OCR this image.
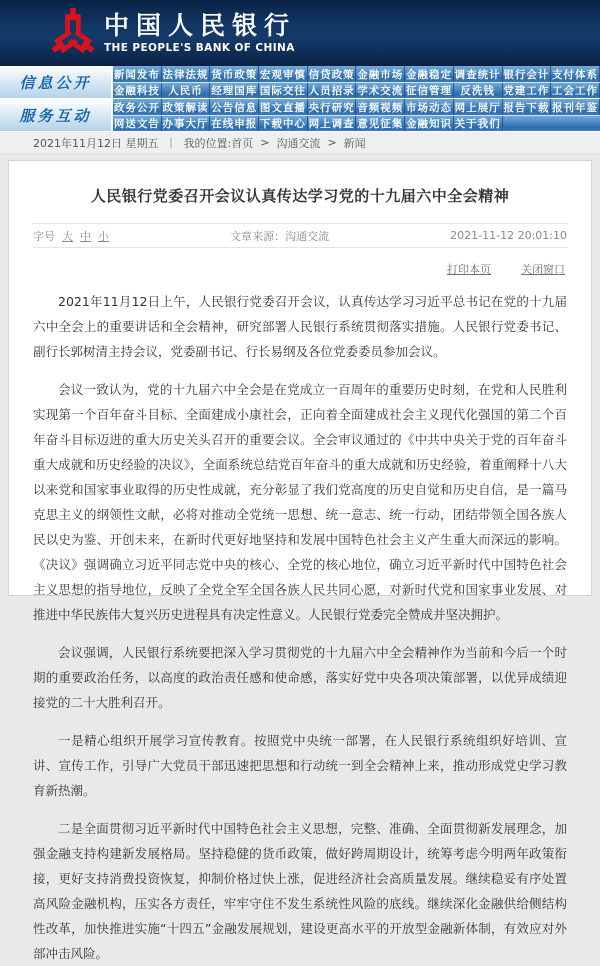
中国人民银行
THE PEOPLE'S BANK OF CHINA
信息公开	新闻发布 法律法规 货币政策 宏观审慎 信贷政策 金融市场 金融稳定 调查统计 银行会计 支付体系
金融科技 人民币 经理国库 国际交往 人员招录 学术交流 征信管理 反洗钱 党建工作 工会工作
服务互动	政务公开 政策解读 公告信息 图文直播 央行研究 音频视频 市场动态 网上展厅 报告下载 报刊年鉴
网送文告 办事大厅 在线申报 下载中心 网上调查 意见征集 金融知识 关于我们
2021年11月12日 星期五 ｜ 我的位置:首页 > 沟通交流 > 新闻
人民银行党委召开会议认真传达学习党的十九届六中全会精神
字号 大 中 小	文章来源：沟通交流	2021-11-12 20:01:10
打印本页	关闭窗口

2021年11月12日上午，人民银行党委召开会议，认真传达学习习近平总书记在党的十九届六中全会上的重要讲话和全会精神，研究部署人民银行系统贯彻落实措施。人民银行党委书记、副行长郭树清主持会议，党委副书记、行长易纲及各位党委委员参加会议。

会议一致认为，党的十九届六中全会是在党成立一百周年的重要历史时刻，在党和人民胜利实现第一个百年奋斗目标、全面建成小康社会，正向着全面建成社会主义现代化强国的第二个百年奋斗目标迈进的重大历史关头召开的重要会议。全会审议通过的《中共中央关于党的百年奋斗重大成就和历史经验的决议》，全面系统总结党百年奋斗的重大成就和历史经验，着重阐释十八大以来党和国家事业取得的历史性成就，充分彰显了我们党高度的历史自觉和历史自信，是一篇马克思主义的纲领性文献，必将对推动全党统一思想、统一意志、统一行动，团结带领全国各族人民以史为鉴、开创未来，在新时代更好地坚持和发展中国特色社会主义产生重大而深远的影响。《决议》强调确立习近平同志党中央的核心、全党的核心地位，确立习近平新时代中国特色社会主义思想的指导地位，反映了全党全军全国各族人民共同心愿，对新时代党和国家事业发展、对推进中华民族伟大复兴历史进程具有决定性意义。人民银行党委完全赞成并坚决拥护。

会议强调，人民银行系统要把深入学习贯彻党的十九届六中全会精神作为当前和今后一个时期的重要政治任务，以高度的政治责任感和使命感，落实好党中央各项决策部署，以优异成绩迎接党的二十大胜利召开。

一是精心组织开展学习宣传教育。按照党中央统一部署，在人民银行系统组织好培训、宣讲、宣传工作，引导广大党员干部迅速把思想和行动统一到全会精神上来，推动形成党史学习教育新热潮。

二是全面贯彻习近平新时代中国特色社会主义思想，完整、准确、全面贯彻新发展理念，加强金融支持构建新发展格局。坚持稳健的货币政策，做好跨周期设计，统筹考虑今明两年政策衔接，更好支持消费投资恢复，抑制价格过快上涨，促进经济社会高质量发展。继续稳妥有序处置高风险金融机构，压实各方责任，牢牢守住不发生系统性风险的底线。继续深化金融供给侧结构性改革，加快推进实施“十四五”金融发展规划，建设更高水平的开放型金融新体制，有效应对外部冲击风险。
